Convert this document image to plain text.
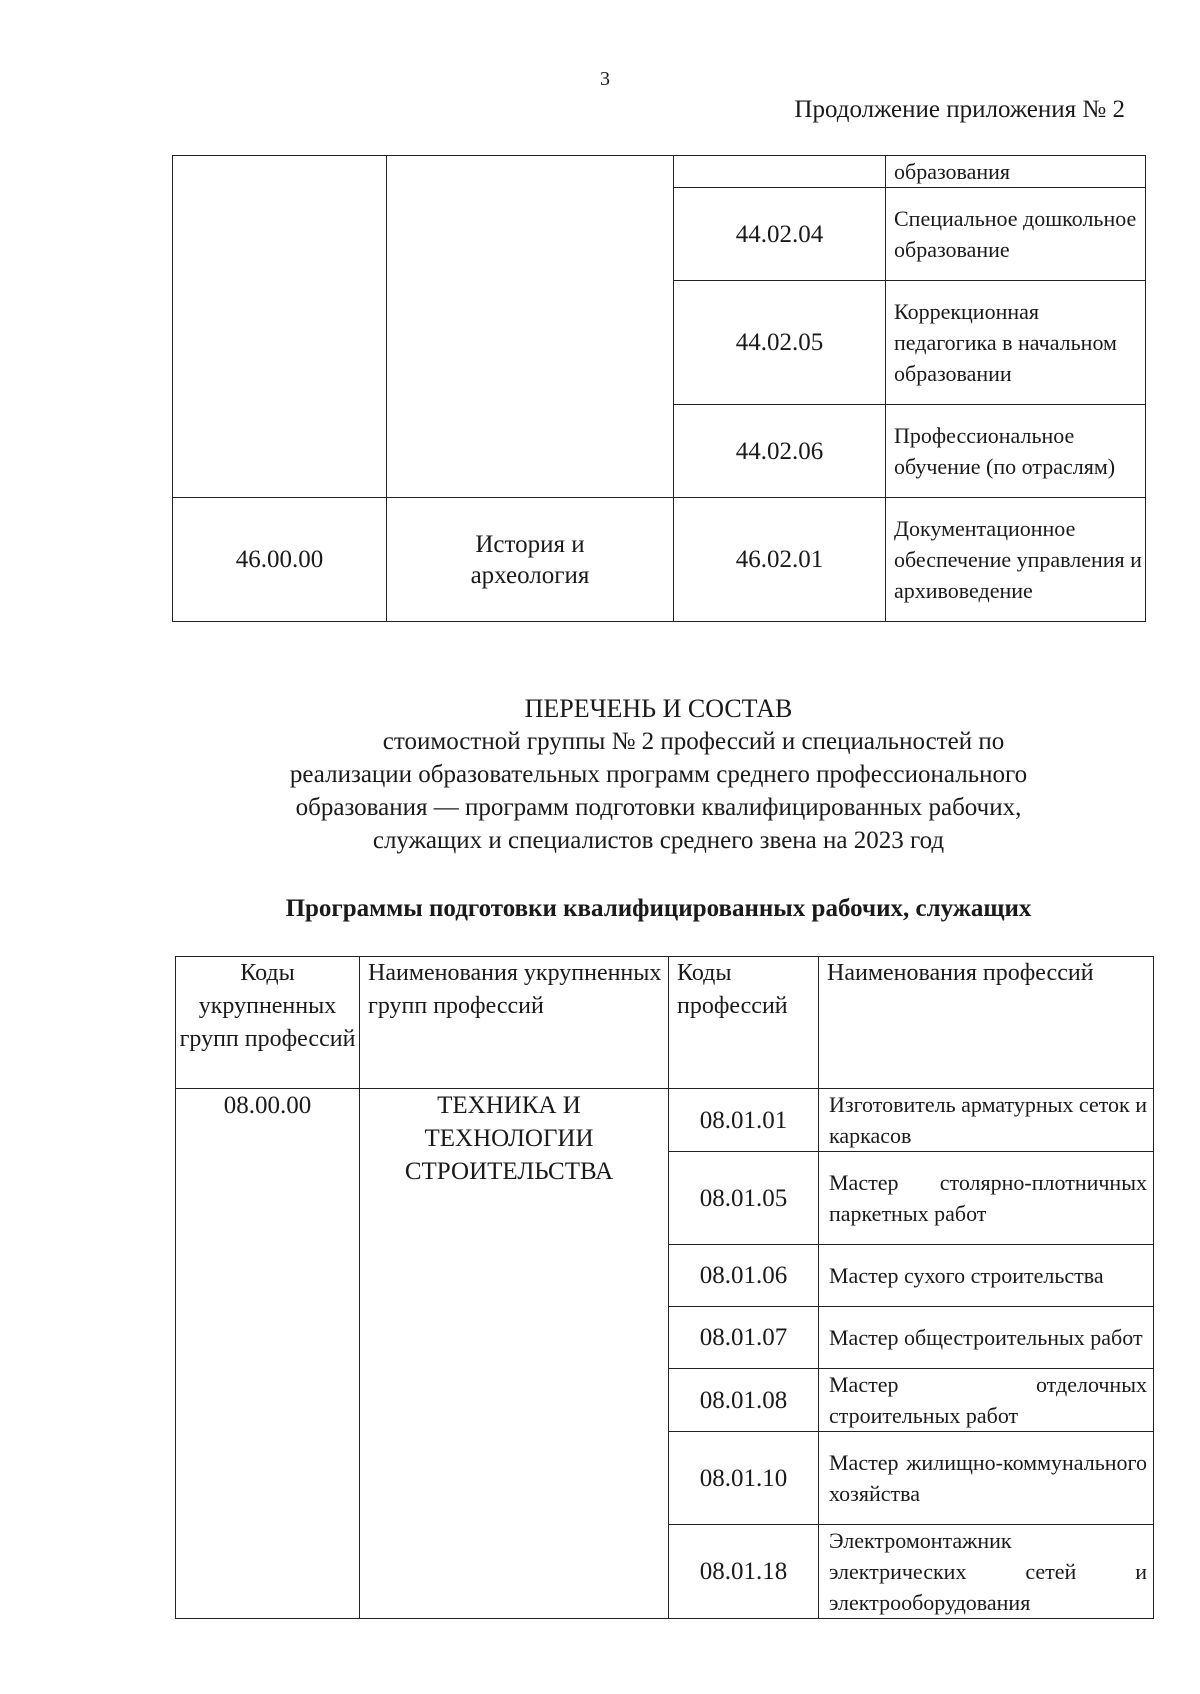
3
Продолжение приложения № 2
			образования
		44.02.04	Специальное дошкольное образование
		44.02.05	Коррекционная педагогика в начальном образовании
		44.02.06	Профессиональное обучение (по отраслям)
46.00.00	История и археология	46.02.01	Документационное обеспечение управления и архивоведение
ПЕРЕЧЕНЬ И СОСТАВ
стоимостной группы № 2 профессий и специальностей по
реализации образовательных программ среднего профессионального
образования — программ подготовки квалифицированных рабочих,
служащих и специалистов среднего звена на 2023 год
Программы подготовки квалифицированных рабочих, служащих
Коды укрупненных групп профессий	Наименования укрупненных групп профессий	Коды профессий	Наименования профессий
08.00.00	ТЕХНИКА И ТЕХНОЛОГИИ СТРОИТЕЛЬСТВА	08.01.01	Изготовитель арматурных сеток и каркасов
		08.01.05	Мастер столярно-плотничных паркетных работ
		08.01.06	Мастер сухого строительства
		08.01.07	Мастер общестроительных работ
		08.01.08	Мастер отделочных строительных работ
		08.01.10	Мастер жилищно-коммунального хозяйства
		08.01.18	Электромонтажник электрических сетей и электрооборудования
